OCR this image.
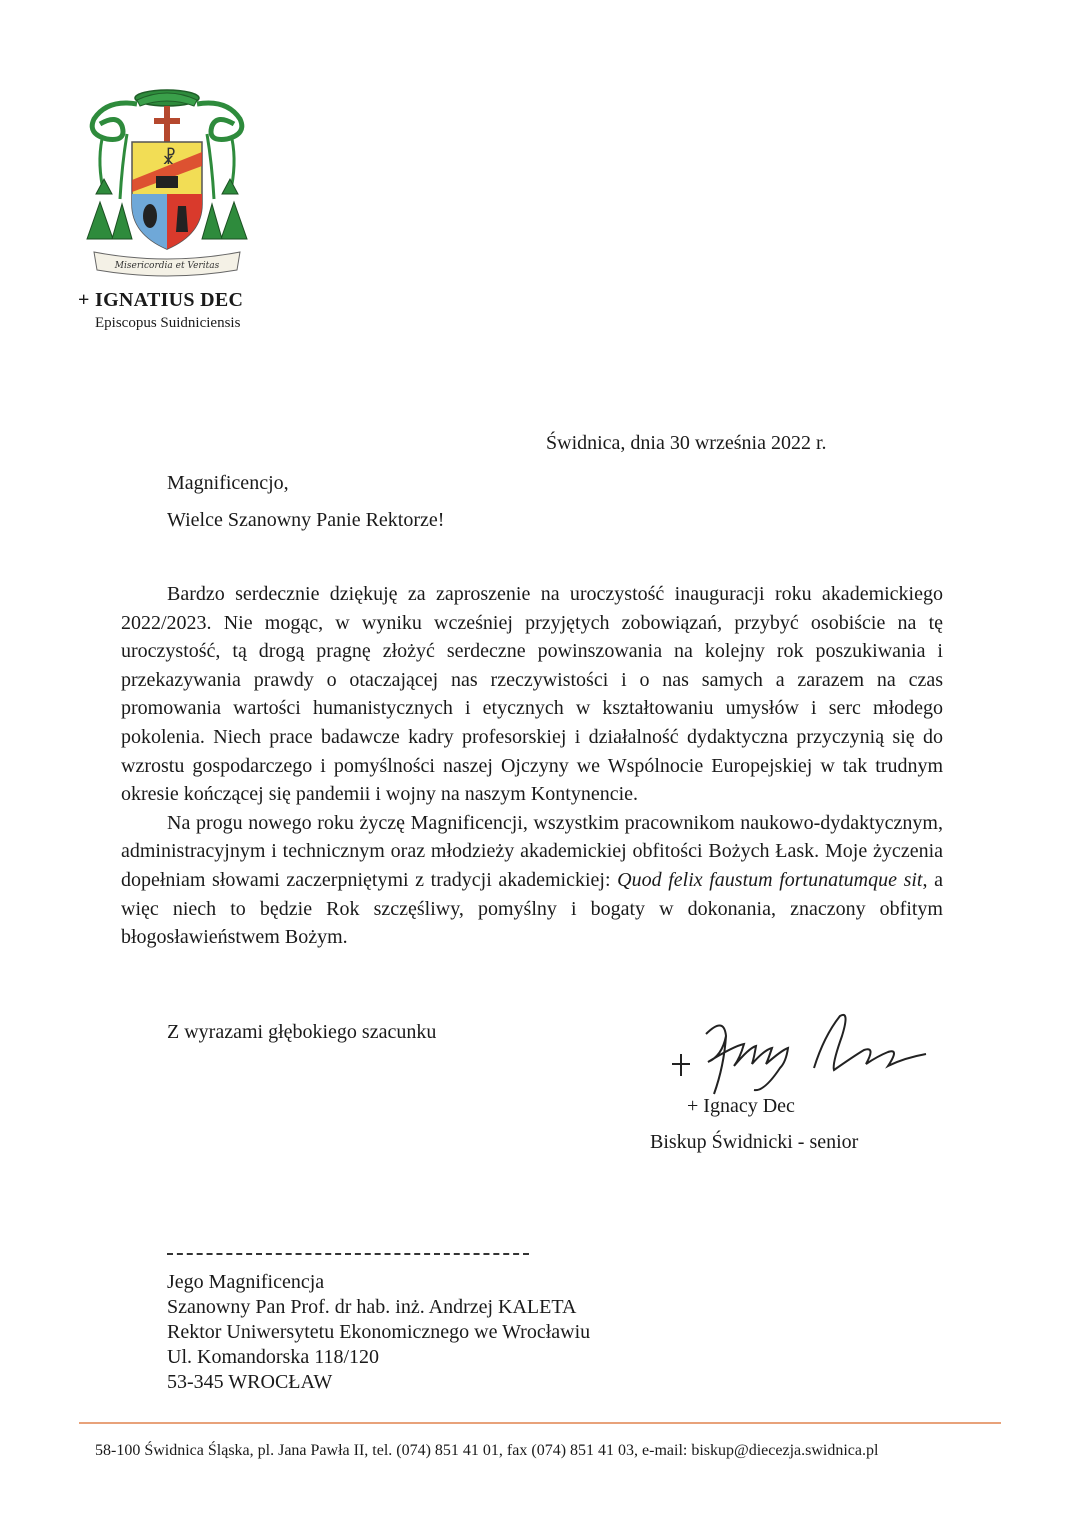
☧
Misericordia et Veritas
+ IGNATIUS DEC
Episcopus Suidniciensis
Świdnica, dnia 30 września 2022 r.
Magnificencjo,
Wielce Szanowny Panie Rektorze!

Bardzo serdecznie dziękuję za zaproszenie na uroczystość inauguracji roku akademickiego 2022/2023. Nie mogąc, w wyniku wcześniej przyjętych zobowiązań, przybyć osobiście na tę uroczystość, tą drogą pragnę złożyć serdeczne powinszowania na kolejny rok poszukiwania i przekazywania prawdy o otaczającej nas rzeczywistości i o nas samych a zarazem na czas promowania wartości humanistycznych i etycznych w kształtowaniu umysłów i serc młodego pokolenia. Niech prace badawcze kadry profesorskiej i działalność dydaktyczna przyczynią się do wzrostu gospodarczego i pomyślności naszej Ojczyny we Wspólnocie Europejskiej w tak trudnym okresie kończącej się pandemii i wojny na naszym Kontynencie.

Na progu nowego roku życzę Magnificencji, wszystkim pracownikom naukowo-dydaktycznym, administracyjnym i technicznym oraz młodzieży akademickiej obfitości Bożych Łask. Moje życzenia dopełniam słowami zaczerpniętymi z tradycji akademickiej: Quod felix faustum fortunatumque sit, a więc niech to będzie Rok szczęśliwy, pomyślny i bogaty w dokonania, znaczony obfitym błogosławieństwem Bożym.

Z wyrazami głębokiego szacunku
+ Ignacy Dec
Biskup Świdnicki - senior
Jego Magnificencja
Szanowny Pan Prof. dr hab. inż. Andrzej KALETA
Rektor Uniwersytetu Ekonomicznego we Wrocławiu
Ul. Komandorska 118/120
53-345 WROCŁAW
58-100 Świdnica Śląska, pl. Jana Pawła II, tel. (074) 851 41 01, fax (074) 851 41 03, e-mail: biskup@diecezja.swidnica.pl
